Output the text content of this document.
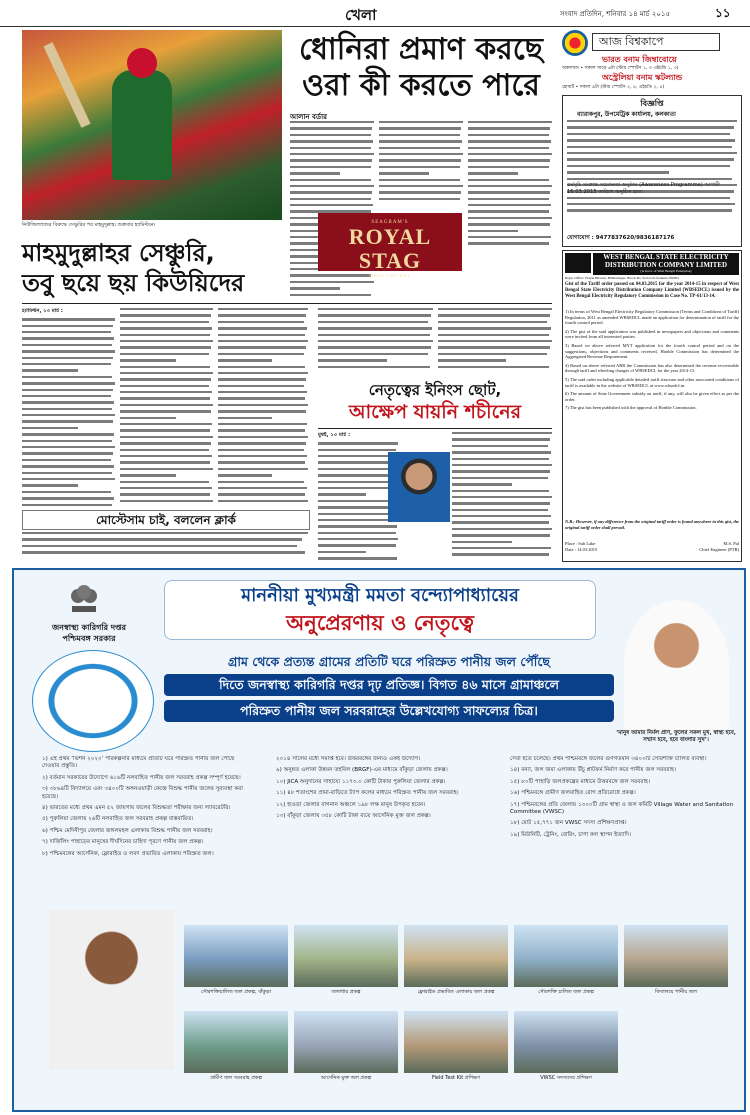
খেলা	সংবাদ প্রতিদিন, শনিবার ১৪ মার্চ ২০১৫	১১
নিউজিল্যান্ডের বিরুদ্ধে সেঞ্চুরির পর মাহমুদুল্লাহ। শুক্রবার হ্যামিল্টনে।
ধোনিরা প্রমাণ করছে
ওরা কী করতে পারে
আলান বর্ডার
SEAGRAM'S
ROYAL STAG
MEGA CRICKET
মাহমুদুল্লাহর সেঞ্চুরি,
তবু ছয়ে ছয় কিউয়িদের
হ্যামিল্টন, ১৩ মার্চ :
মোস্টেসাম চাই, বললেন ক্লার্ক
নেতৃত্বের ইনিংস ছোট,
আক্ষেপ যায়নি শচীনের
মুম্বই, ১৩ মার্চ :
আজ বিশ্বকাপে
ভারত বনাম জিম্বাবোয়ে
অকল্যান্ড • সকাল সাড়ে ৬টা (স্টার স্পোর্টস ১, ৩ এইচডি ১, ৩)
অস্ট্রেলিয়া বনাম স্কটল্যান্ড
হোবার্ট • সকাল ৯টা (স্টার স্পোর্টস ২, ৪, এইচডি ২, ৪)
বিজ্ঞপ্তি
ব্যারাকপুর, উপমেট্রিক কার্যালয়, কলকাতা
কর্মসূচি সংক্রান্ত সচেতনতা অনুষ্ঠান (Awareness Programme) আগামী 16.03.2015 তারিখে অনুষ্ঠিত হবে।
যোগাযোগ : 9477837620/9836187176
WEST BENGAL STATE ELECTRICITY
DISTRIBUTION COMPANY LIMITED
(A Govt. of West Bengal Enterprise)
Regd. Office: Vidyut Bhavan, Bidhannagar, Block-DJ, Sector-II, Kolkata-700091
Gist of the Tariff order passed on 04.03.2015 for the year 2014-15 in respect of West Bengal State Electricity Distribution Company Limited (WBSEDCL) issued by the West Bengal Electricity Regulatory Commission in Case No. TP-61/13-14.
1) In terms of West Bengal Electricity Regulatory Commission (Terms and Conditions of Tariff) Regulation, 2011 as amended WBSEDCL made an application for determination of tariff for the fourth control period.
2) The gist of the said application was published in newspapers and objections and comments were invited from all interested parties.
3) Based on above referred MYT application for the fourth control period and on the suggestions, objections and comments received, Honble Commission has determined the Aggregated Revenue Requirement.
4) Based on above referred ARR the Commission has also determined the revenue recoverable through tariff and wheeling charges of WBSEDCL for the year 2014-15.
5) The said order including applicable detailed tariff structure and other associated conditions of tariff is available in the website of WBSEDCL at www.wbsedcl.in.
6) The amount of State Government subsidy on tariff, if any, will also be given effect as per the order.
7) The gist has been published with the approval of Honble Commission.
N.B.: However, if any difference from the original tariff order is found anywhere in this gist, the original tariff order shall prevail.
Place : Salt Lake
Date : 14.03.2015
M.S. Pal
Chief Engineer (PTR)
জনস্বাস্থ্য কারিগরি দপ্তর
পশ্চিমবঙ্গ সরকার
মাননীয়া মুখ্যমন্ত্রী মমতা বন্দ্যোপাধ্যায়ের
অনুপ্রেরণায় ও নেতৃত্বে
গ্রাম থেকে প্রত্যন্ত গ্রামের প্রতিটি ঘরে পরিস্রুত পানীয় জল পৌঁছে
দিতে জনস্বাস্থ্য কারিগরি দপ্তর দৃঢ় প্রতিজ্ঞ। বিগত ৪৬ মাসে গ্রামাঞ্চলে
পরিস্রুত পানীয় জল সরবরাহের উল্লেখযোগ্য সাফল্যের চিত্র।
‘মানুষ আমার নির্মল প্রাণ, ফুলের সকল মুখ, স্বাস্থ্য হবে, সম্মান হবে, হবে বাংলার সুখ’।
১) এই প্রথম ‘ভিশন ২০২০’ পরিকল্পনার মাধ্যমে প্রতিটি ঘরে পরিস্রুত পানীয় জল পৌঁছে দেওয়ার প্রস্তুতি।
২) বর্তমান সরকারের উদ্যোগে ৬১৬টি নলবাহিত পানীয় জল সরবরাহ প্রকল্প সম্পূর্ণ হয়েছে।
৩) ৩৮৬৪টি বিদ্যালয়ে এবং ৩৪০০টি অঙ্গনওয়াড়ী কেন্দ্রে বিশুদ্ধ পানীয় জলের সুব্যবস্থা করা হয়েছে।
৪) ভারতের মধ্যে প্রথম এমন ৫২ জায়গায় জলের বিশুদ্ধতা পরীক্ষার জন্য ল্যাবরেটরি।
৫) পুরুলিয়া জেলায় ২৬টি নলবাহিত জল সরবরাহ প্রকল্প বাস্তবায়িত।
৬) পশ্চিম মেদিনীপুর জেলার জঙ্গলমহল এলাকায় বিশুদ্ধ পানীয় জল সরবরাহ।
৭) দার্জিলিং পাহাড়ের মানুষের দীর্ঘদিনের চাহিদা পূরণে পানীয় জল প্রকল্প।
৮) পশ্চিমবঙ্গের আর্সেনিক, ফ্লোরাইড ও লবণ প্রভাবিত এলাকায় পরিস্রুত জল।
২০১৪ সালের মধ্যে সমাপ্ত হবে। উত্তরবঙ্গের জন্যও একই উদ্যোগ।
৯) অনুন্নত এলাকা উন্নয়ন তহবিল (BRGF)-এর মাধ্যমে বাঁকুড়া জেলায় প্রকল্প।
১০) JICA অনুদানের সাহায্যে ১১৭৩.০ কোটি টাকার পুরুলিয়া জেলার প্রকল্প।
১১) ৪৮ শতাংশের প্রামা-বাড়িতে ট্যাপ কলের মাধ্যমে পরিস্রুত পানীয় জল সরবরাহ।
১২) হাওড়া জেলার বাগনান অঞ্চলে ১৯৮ লক্ষ মানুষ উপকৃত হবেন।
১৩) বাঁকুড়া জেলায় ৩৫৮ কোটি টাকা ব্যয়ে আর্সেনিক মুক্ত জল প্রকল্প।
সেবা হতে চলেছে। প্রথম পশ্চিমবঙ্গে জলের গুণগতমান ৩৪০০টি সৌরশক্তি চালিত ব্যবস্থা।
১৪) বন্যা, জল জমা এলাকায় উঁচু প্লাটফর্ম নির্মাণ করে পানীয় জল সরবরাহ।
১৫) ৮০টি পাহাড়ি জলপ্রকল্পের মাধ্যমে উত্তরবঙ্গে জল সরবরাহ।
১৬) পশ্চিমবঙ্গে গ্রামীণ জলবাহিত রোগ প্রতিরোধে প্রকল্প।
১৭) পশ্চিমবঙ্গের প্রতি জেলায় ১৩০০টি গ্রাম স্বাস্থ্য ও জল কমিটি Village Water and Sanitation Committee (VWSC)
১৮) মোট ১৫,৭৭১ জন VWSC সদস্য প্রশিক্ষণপ্রাপ্ত।
১৯) মিউনিটি, ট্রেনিং, বোরিং, চাপা কল স্থাপন ইত্যাদি।
সৌরশক্তিচালিত জল প্রকল্প, বাঁকুড়া	জলাধার প্রকল্প	ফ্লোরাইড প্রভাবিত এলাকায় জল প্রকল্প	সৌরশক্তি চালিত জল প্রকল্প	বিদ্যালয়ে পানীয় জল
গ্রামীণ জল সরবরাহ প্রকল্প	আর্সেনিক মুক্ত জল প্রকল্প	Field Test Kit প্রশিক্ষণ	VWSC সদস্যদের প্রশিক্ষণ
